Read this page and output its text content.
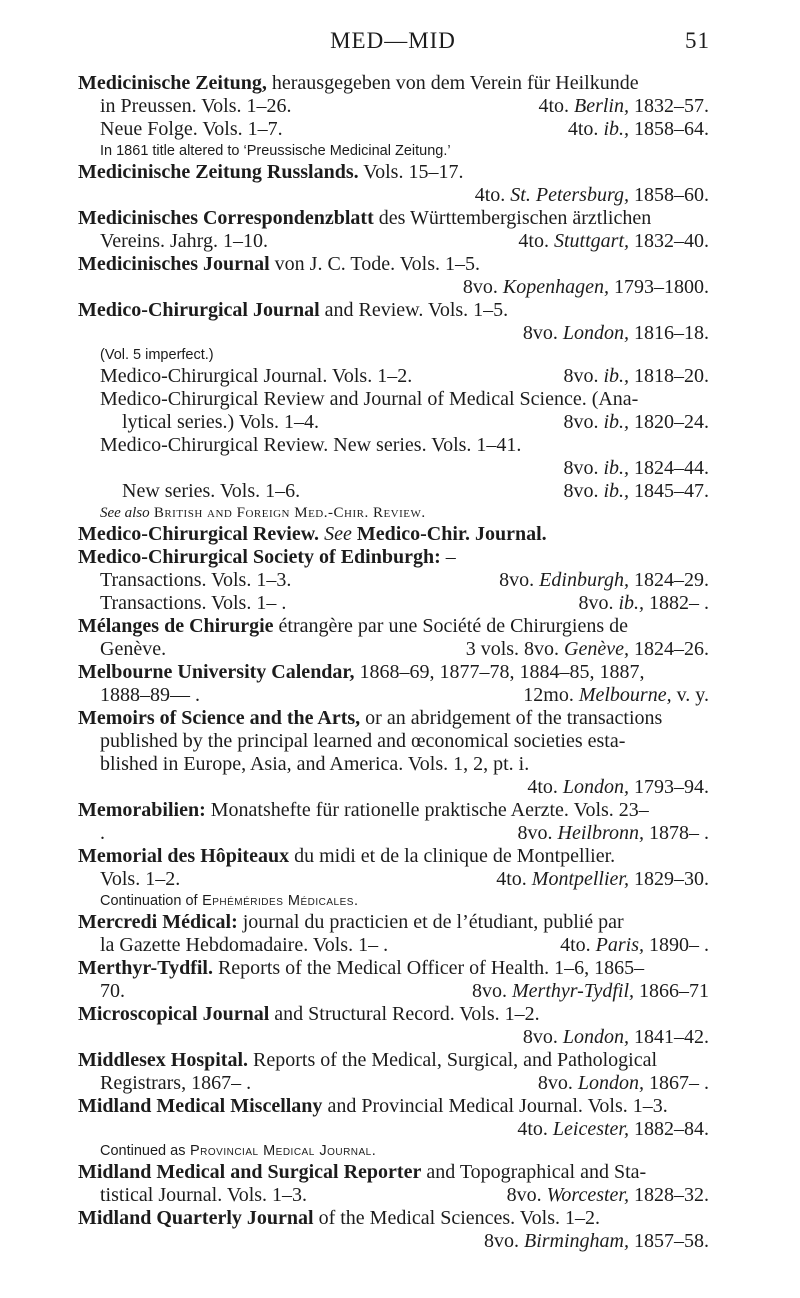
MED—MID	51
Medicinische Zeitung, herausgegeben von dem Verein für Heilkunde
in Preussen. Vols. 1–26.	4to. Berlin, 1832–57.
Neue Folge. Vols. 1–7.	4to. ib., 1858–64.
In 1861 title altered to ‘Preussische Medicinal Zeitung.’
Medicinische Zeitung Russlands. Vols. 15–17.
4to. St. Petersburg, 1858–60.
Medicinisches Correspondenzblatt des Württembergischen ärztlichen
Vereins. Jahrg. 1–10.	4to. Stuttgart, 1832–40.
Medicinisches Journal von J. C. Tode. Vols. 1–5.
8vo. Kopenhagen, 1793–1800.
Medico-Chirurgical Journal and Review. Vols. 1–5.
8vo. London, 1816–18.
(Vol. 5 imperfect.)
Medico-Chirurgical Journal. Vols. 1–2.	8vo. ib., 1818–20.
Medico-Chirurgical Review and Journal of Medical Science. (Ana-
lytical series.) Vols. 1–4.	8vo. ib., 1820–24.
Medico-Chirurgical Review. New series. Vols. 1–41.
8vo. ib., 1824–44.
New series. Vols. 1–6.	8vo. ib., 1845–47.
See also British and Foreign Med.-Chir. Review.
Medico-Chirurgical Review. See Medico-Chir. Journal.
Medico-Chirurgical Society of Edinburgh: –
Transactions. Vols. 1–3.	8vo. Edinburgh, 1824–29.
Transactions. Vols. 1– .	8vo. ib., 1882– .
Mélanges de Chirurgie étrangère par une Société de Chirurgiens de
Genève.	3 vols. 8vo. Genève, 1824–26.
Melbourne University Calendar, 1868–69, 1877–78, 1884–85, 1887,
1888–89— .	12mo. Melbourne, v. y.
Memoirs of Science and the Arts, or an abridgement of the transactions
published by the principal learned and œconomical societies esta-
blished in Europe, Asia, and America. Vols. 1, 2, pt. i.
4to. London, 1793–94.
Memorabilien: Monatshefte für rationelle praktische Aerzte. Vols. 23–
.	8vo. Heilbronn, 1878– .
Memorial des Hôpiteaux du midi et de la clinique de Montpellier.
Vols. 1–2.	4to. Montpellier, 1829–30.
Continuation of Ephémérides Médicales.
Mercredi Médical: journal du practicien et de l’étudiant, publié par
la Gazette Hebdomadaire. Vols. 1– .	4to. Paris, 1890– .
Merthyr-Tydfil. Reports of the Medical Officer of Health. 1–6, 1865–
70.	8vo. Merthyr-Tydfil, 1866–71
Microscopical Journal and Structural Record. Vols. 1–2.
8vo. London, 1841–42.
Middlesex Hospital. Reports of the Medical, Surgical, and Pathological
Registrars, 1867– .	8vo. London, 1867– .
Midland Medical Miscellany and Provincial Medical Journal. Vols. 1–3.
4to. Leicester, 1882–84.
Continued as Provincial Medical Journal.
Midland Medical and Surgical Reporter and Topographical and Sta-
tistical Journal. Vols. 1–3.	8vo. Worcester, 1828–32.
Midland Quarterly Journal of the Medical Sciences. Vols. 1–2.
8vo. Birmingham, 1857–58.
